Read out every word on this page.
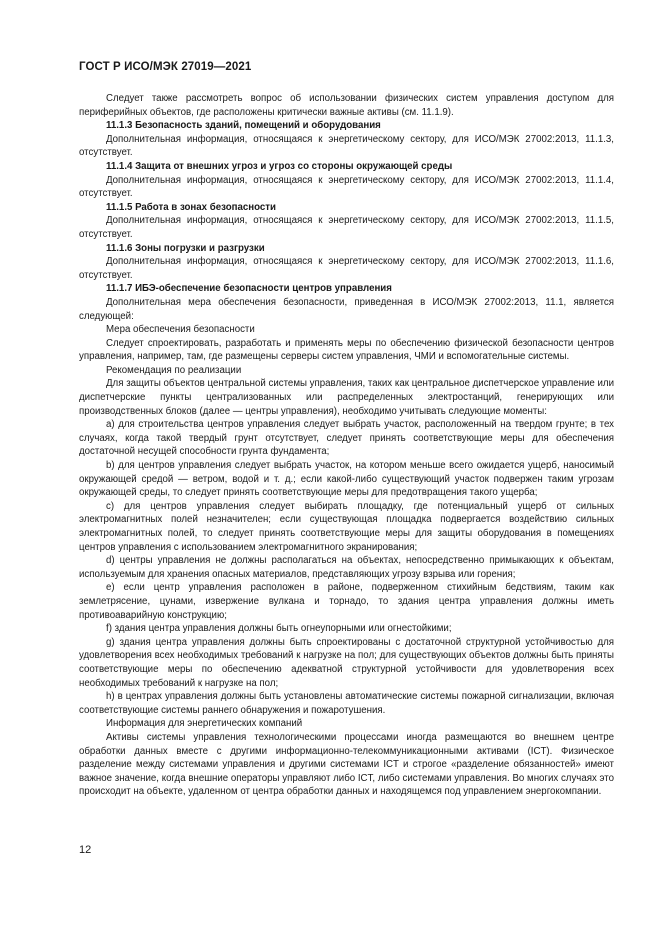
ГОСТ Р ИСО/МЭК 27019—2021

Следует также рассмотреть вопрос об использовании физических систем управления доступом для периферийных объектов, где расположены критически важные активы (см. 11.1.9).

11.1.3 Безопасность зданий, помещений и оборудования

Дополнительная информация, относящаяся к энергетическому сектору, для ИСО/МЭК 27002:2013, 11.1.3, отсутствует.

11.1.4 Защита от внешних угроз и угроз со стороны окружающей среды

Дополнительная информация, относящаяся к энергетическому сектору, для ИСО/МЭК 27002:2013, 11.1.4, отсутствует.

11.1.5 Работа в зонах безопасности

Дополнительная информация, относящаяся к энергетическому сектору, для ИСО/МЭК 27002:2013, 11.1.5, отсутствует.

11.1.6 Зоны погрузки и разгрузки

Дополнительная информация, относящаяся к энергетическому сектору, для ИСО/МЭК 27002:2013, 11.1.6, отсутствует.

11.1.7 ИБЭ-обеспечение безопасности центров управления

Дополнительная мера обеспечения безопасности, приведенная в ИСО/МЭК 27002:2013, 11.1, является следующей:

Мера обеспечения безопасности

Следует спроектировать, разработать и применять меры по обеспечению физической безопасности центров управления, например, там, где размещены серверы систем управления, ЧМИ и вспомогательные системы.

Рекомендация по реализации

Для защиты объектов центральной системы управления, таких как центральное диспетчерское управление или диспетчерские пункты централизованных или распределенных электростанций, генерирующих или производственных блоков (далее — центры управления), необходимо учитывать следующие моменты:

a) для строительства центров управления следует выбрать участок, расположенный на твердом грунте; в тех случаях, когда такой твердый грунт отсутствует, следует принять соответствующие меры для обеспечения достаточной несущей способности грунта фундамента;

b) для центров управления следует выбрать участок, на котором меньше всего ожидается ущерб, наносимый окружающей средой — ветром, водой и т. д.; если какой-либо существующий участок подвержен таким угрозам окружающей среды, то следует принять соответствующие меры для предотвращения такого ущерба;

c) для центров управления следует выбирать площадку, где потенциальный ущерб от сильных электромагнитных полей незначителен; если существующая площадка подвергается воздействию сильных электромагнитных полей, то следует принять соответствующие меры для защиты оборудования в помещениях центров управления с использованием электромагнитного экранирования;

d) центры управления не должны располагаться на объектах, непосредственно примыкающих к объектам, используемым для хранения опасных материалов, представляющих угрозу взрыва или горения;

e) если центр управления расположен в районе, подверженном стихийным бедствиям, таким как землетрясение, цунами, извержение вулкана и торнадо, то здания центра управления должны иметь противоаварийную конструкцию;

f) здания центра управления должны быть огнеупорными или огнестойкими;

g) здания центра управления должны быть спроектированы с достаточной структурной устойчивостью для удовлетворения всех необходимых требований к нагрузке на пол; для существующих объектов должны быть приняты соответствующие меры по обеспечению адекватной структурной устойчивости для удовлетворения всех необходимых требований к нагрузке на пол;

h) в центрах управления должны быть установлены автоматические системы пожарной сигнализации, включая соответствующие системы раннего обнаружения и пожаротушения.

Информация для энергетических компаний

Активы системы управления технологическими процессами иногда размещаются во внешнем центре обработки данных вместе с другими информационно-телекоммуникационными активами (ICT). Физическое разделение между системами управления и другими системами ICT и строгое «разделение обязанностей» имеют важное значение, когда внешние операторы управляют либо ICT, либо системами управления. Во многих случаях это происходит на объекте, удаленном от центра обработки данных и находящемся под управлением энергокомпании.

12
